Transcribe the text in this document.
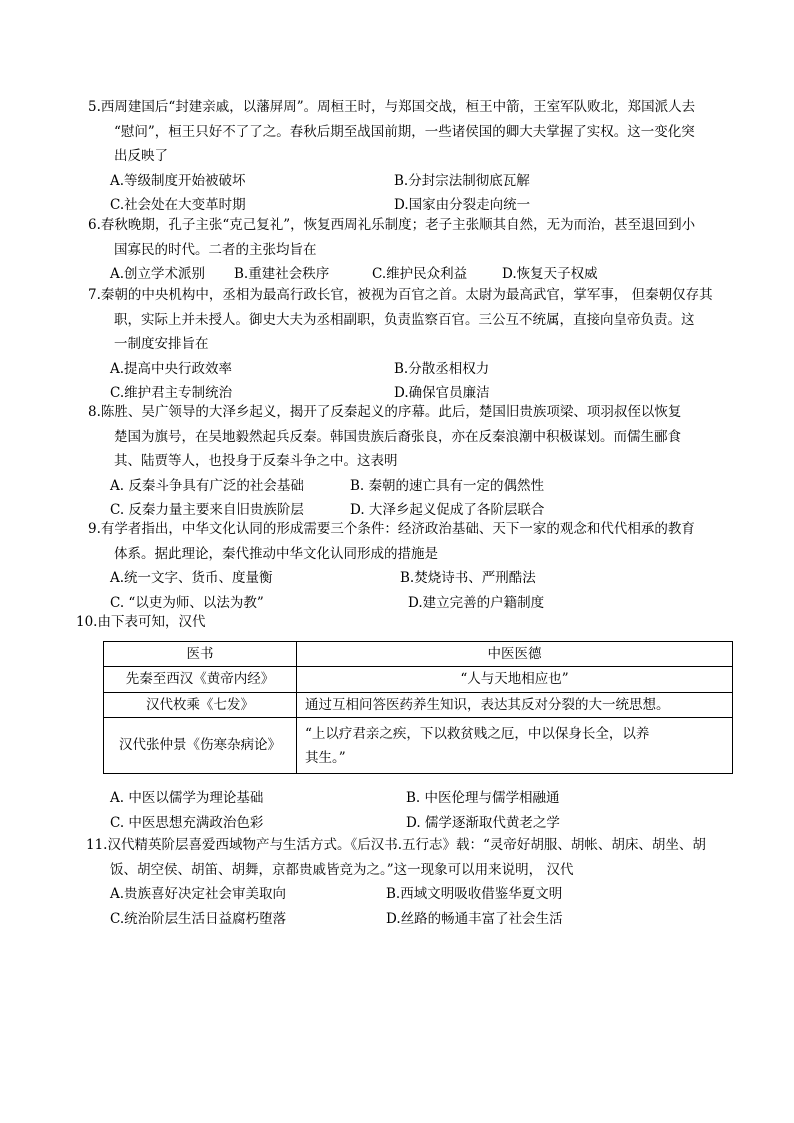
5.西周建国后“封建亲戚，以藩屏周”。周桓王时，与郑国交战，桓王中箭，王室军队败北，郑国派人去

“慰问”，桓王只好不了了之。春秋后期至战国前期，一些诸侯国的卿大夫掌握了实权。这一变化突

出反映了

A.等级制度开始被破坏	B.分封宗法制彻底瓦解
C.社会处在大变革时期	D.国家由分裂走向统一

6.春秋晚期，孔子主张“克己复礼”，恢复西周礼乐制度；老子主张顺其自然，无为而治，甚至退回到小

国寡民的时代。二者的主张均旨在

A.创立学术派别	B.重建社会秩序	C.维护民众利益	D.恢复天子权威

7.秦朝的中央机构中，丞相为最高行政长官，被视为百官之首。太尉为最高武官，掌军事， 但秦朝仅存其

职，实际上并未授人。御史大夫为丞相副职，负责监察百官。三公互不统属，直接向皇帝负责。这

一制度安排旨在

A.提高中央行政效率	B.分散丞相权力
C.维护君主专制统治	D.确保官员廉洁

8.陈胜、吴广领导的大泽乡起义，揭开了反秦起义的序幕。此后，楚国旧贵族项梁、项羽叔侄以恢复

楚国为旗号，在吴地毅然起兵反秦。韩国贵族后裔张良，亦在反秦浪潮中积极谋划。而儒生郦食

其、陆贾等人，也投身于反秦斗争之中。这表明

A. 反秦斗争具有广泛的社会基础	B. 秦朝的速亡具有一定的偶然性
C. 反秦力量主要来自旧贵族阶层	D. 大泽乡起义促成了各阶层联合

9.有学者指出，中华文化认同的形成需要三个条件：经济政治基础、天下一家的观念和代代相承的教育

体系。据此理论，秦代推动中华文化认同形成的措施是

A.统一文字、货币、度量衡	B.焚烧诗书、严刑酷法
C. “以吏为师、以法为教”	D.建立完善的户籍制度

10.由下表可知，汉代

医书	中医医德
先秦至西汉《黄帝内经》	“人与天地相应也”
汉代枚乘《七发》	通过互相问答医药养生知识，表达其反对分裂的大一统思想。
汉代张仲景《伤寒杂病论》	“上以疗君亲之疾，下以救贫贱之厄，中以保身长全，以养
其生。”
A. 中医以儒学为理论基础	B. 中医伦理与儒学相融通
C. 中医思想充满政治色彩	D. 儒学逐渐取代黄老之学

11.汉代精英阶层喜爱西域物产与生活方式。《后汉书.五行志》载：“灵帝好胡服、胡帐、胡床、胡坐、胡

饭、胡空侯、胡笛、胡舞，京都贵戚皆竞为之。”这一现象可以用来说明， 汉代

A.贵族喜好决定社会审美取向	B.西域文明吸收借鉴华夏文明
C.统治阶层生活日益腐朽堕落	D.丝路的畅通丰富了社会生活
